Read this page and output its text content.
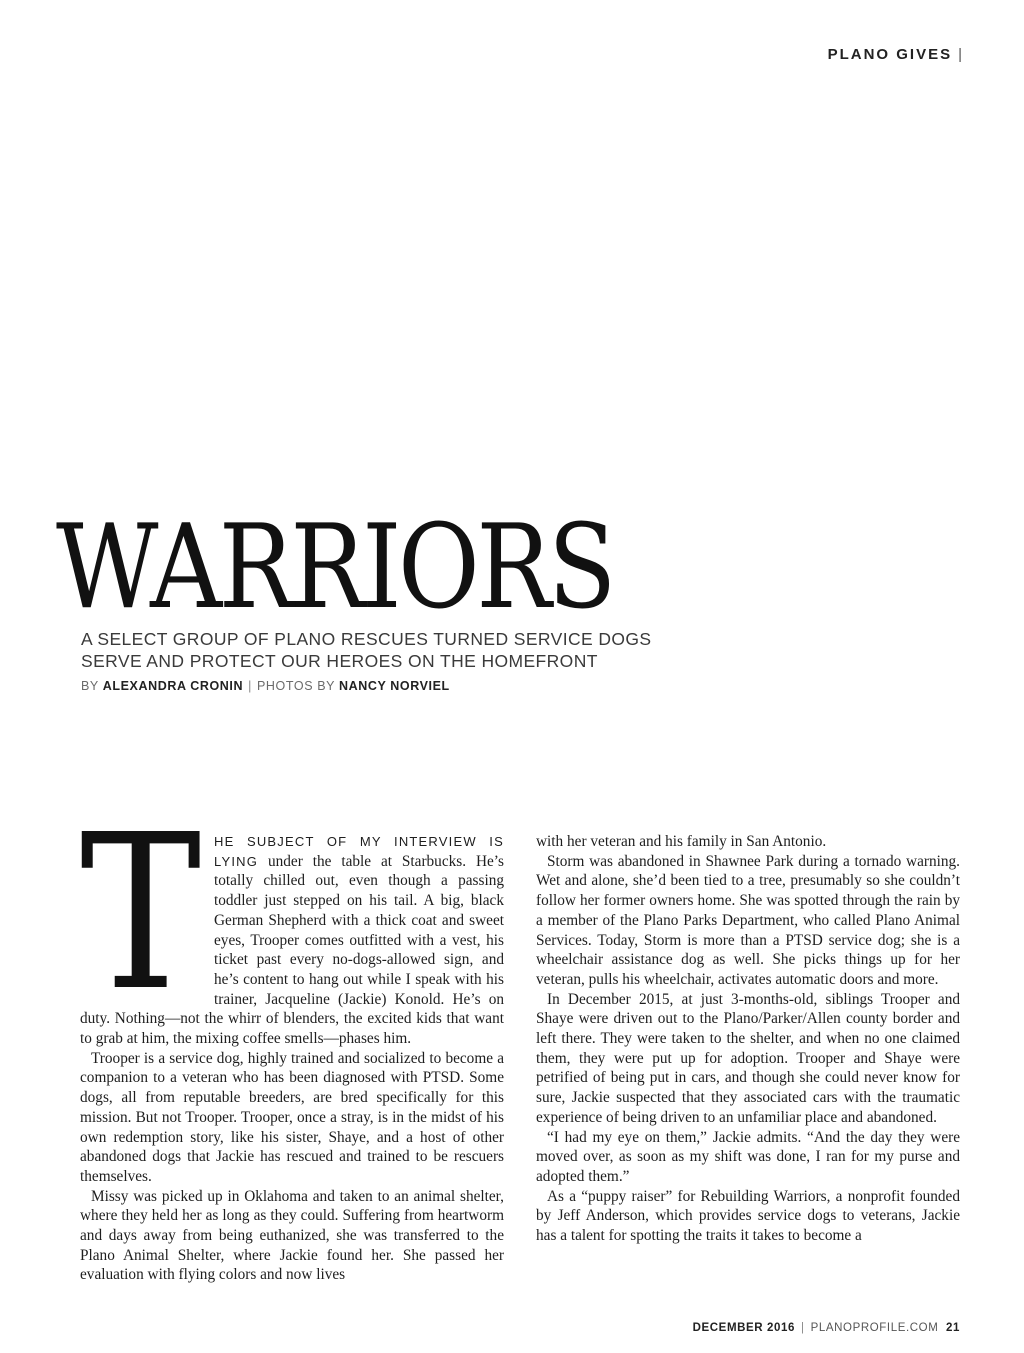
PLANO GIVES |
WARRIORS
A SELECT GROUP OF PLANO RESCUES TURNED SERVICE DOGS
SERVE AND PROTECT OUR HEROES ON THE HOMEFRONT
BY ALEXANDRA CRONIN | PHOTOS BY NANCY NORVIEL

THE SUBJECT OF MY INTERVIEW IS LYING under the table at Starbucks. He’s totally chilled out, even though a passing toddler just stepped on his tail. A big, black German Shepherd with a thick coat and sweet eyes, Trooper comes outfitted with a vest, his ticket past every no-dogs-allowed sign, and he’s content to hang out while I speak with his trainer, Jacqueline (Jackie) Konold. He’s on duty. Nothing—not the whirr of blenders, the excited kids that want to grab at him, the mixing coffee smells—phases him.

Trooper is a service dog, highly trained and socialized to become a companion to a veteran who has been diagnosed with PTSD. Some dogs, all from reputable breeders, are bred specifically for this mission. But not Trooper. Trooper, once a stray, is in the midst of his own redemption story, like his sister, Shaye, and a host of other abandoned dogs that Jackie has rescued and trained to be rescuers themselves.

Missy was picked up in Oklahoma and taken to an animal shelter, where they held her as long as they could. Suffering from heartworm and days away from being euthanized, she was transferred to the Plano Animal Shelter, where Jackie found her. She passed her evaluation with flying colors and now lives

with her veteran and his family in San Antonio.

Storm was abandoned in Shawnee Park during a tornado warning. Wet and alone, she’d been tied to a tree, presumably so she couldn’t follow her former owners home. She was spotted through the rain by a member of the Plano Parks Department, who called Plano Animal Services. Today, Storm is more than a PTSD service dog; she is a wheelchair assistance dog as well. She picks things up for her veteran, pulls his wheelchair, activates automatic doors and more.

In December 2015, at just 3-months-old, siblings Trooper and Shaye were driven out to the Plano/Parker/Allen county border and left there. They were taken to the shelter, and when no one claimed them, they were put up for adoption. Trooper and Shaye were petrified of being put in cars, and though she could never know for sure, Jackie suspected that they associated cars with the traumatic experience of being driven to an unfamiliar place and abandoned.

“I had my eye on them,” Jackie admits. “And the day they were moved over, as soon as my shift was done, I ran for my purse and adopted them.”

As a “puppy raiser” for Rebuilding Warriors, a nonprofit founded by Jeff Anderson, which provides service dogs to veterans, Jackie has a talent for spotting the traits it takes to become a

DECEMBER 2016 | PLANOPROFILE.COM 21
